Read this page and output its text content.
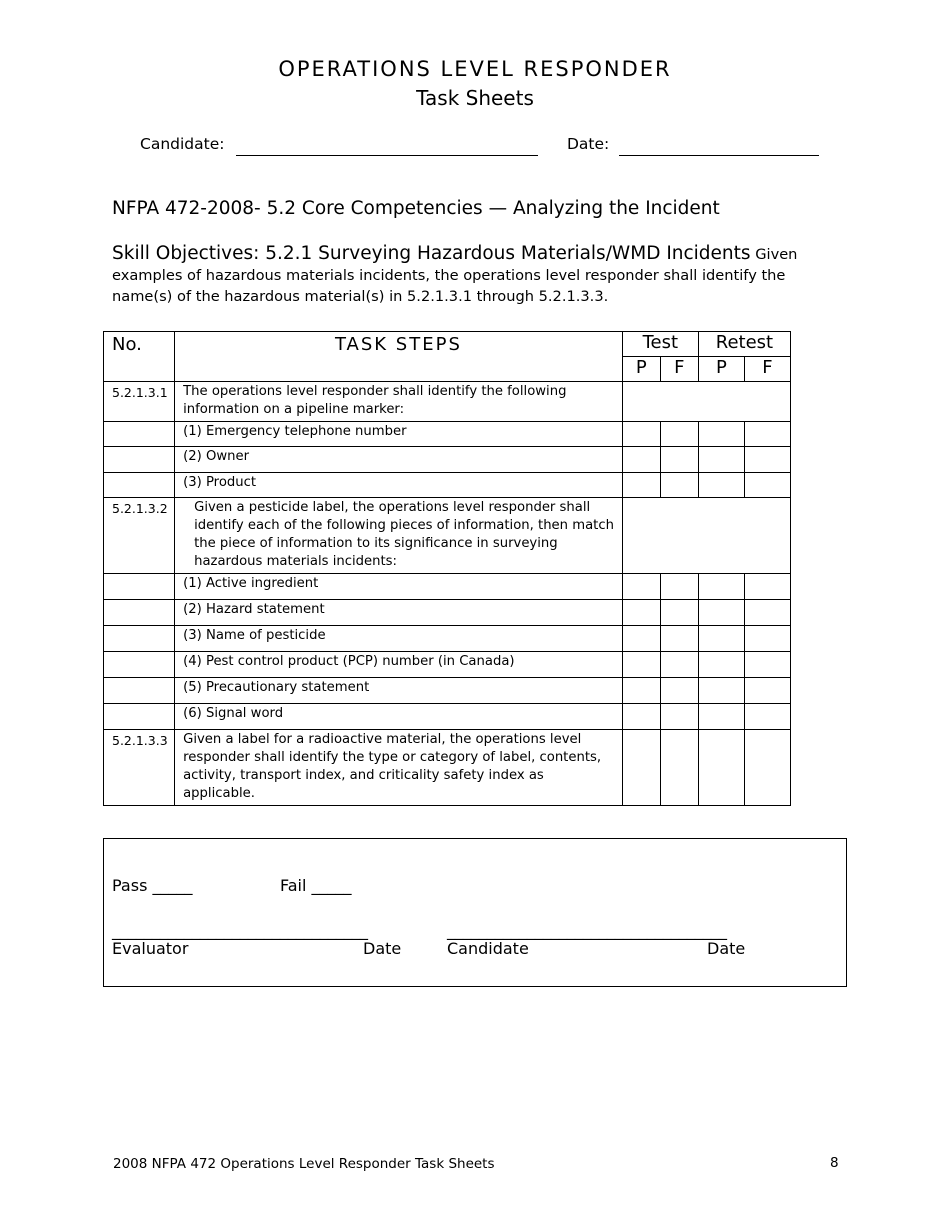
OPERATIONS LEVEL RESPONDER
Task Sheets
Candidate:	Date:
NFPA 472-2008- 5.2 Core Competencies — Analyzing the Incident
Skill Objectives: 5.2.1 Surveying Hazardous Materials/WMD Incidents Given examples of hazardous materials incidents, the operations level responder shall identify the name(s) of the hazardous material(s) in 5.2.1.3.1 through 5.2.1.3.3.
No.	TASK STEPS	Test		Retest	
		P	F	P	F
5.2.1.3.1	The operations level responder shall identify the following information on a pipeline marker:				
	(1) Emergency telephone number				
	(2) Owner				
	(3) Product				
5.2.1.3.2	Given a pesticide label, the operations level responder shall identify each of the following pieces of information, then match the piece of information to its significance in surveying hazardous materials incidents:				
	(1) Active ingredient				
	(2) Hazard statement				
	(3) Name of pesticide				
	(4) Pest control product (PCP) number (in Canada)				
	(5) Precautionary statement				
	(6) Signal word				
5.2.1.3.3	Given a label for a radioactive material, the operations level responder shall identify the type or category of label, contents, activity, transport index, and criticality safety index as applicable.				
Pass _____	Fail _____
________________________________	___________________________________
Evaluator	Date	Candidate	Date
2008 NFPA 472 Operations Level Responder Task Sheets	8
